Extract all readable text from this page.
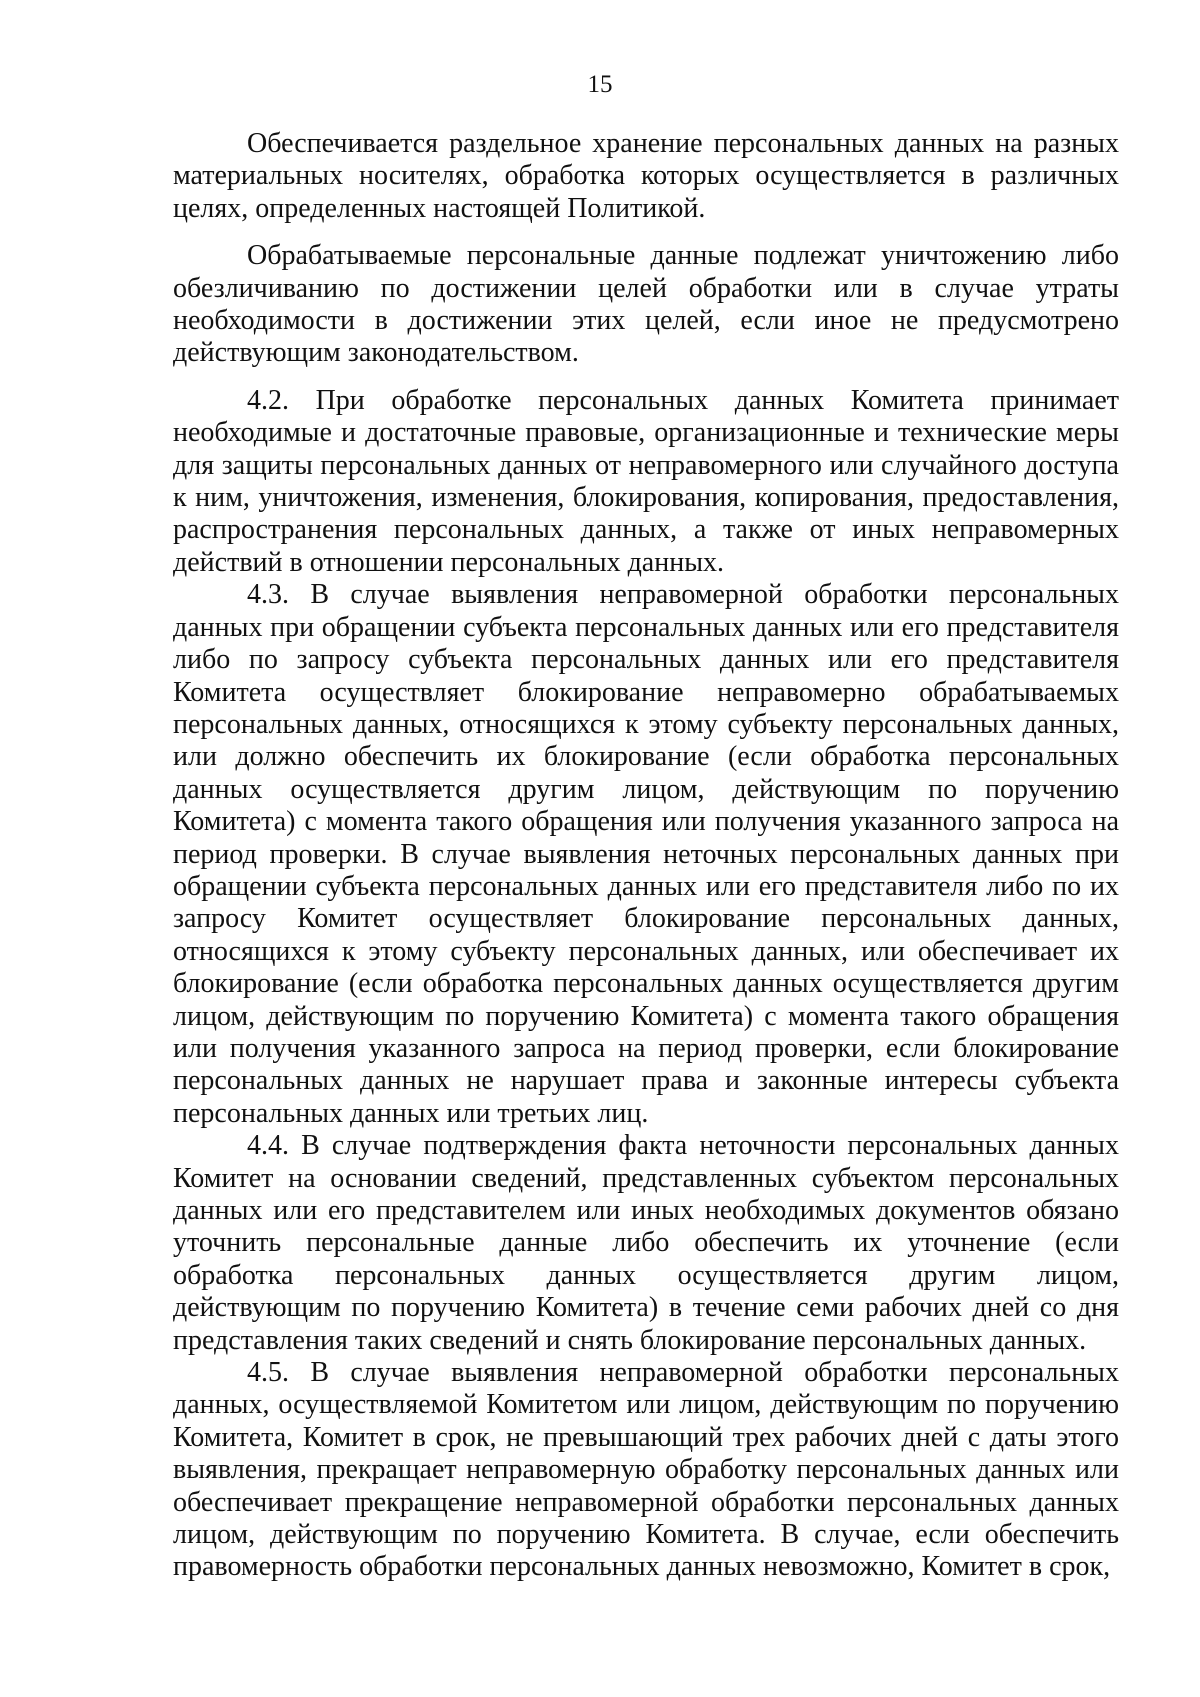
15

Обеспечивается раздельное хранение персональных данных на разных материальных носителях, обработка которых осуществляется в различных целях, определенных настоящей Политикой.

Обрабатываемые персональные данные подлежат уничтожению либо обезличиванию по достижении целей обработки или в случае утраты необходимости в достижении этих целей, если иное не предусмотрено действующим законодательством.

4.2. При обработке персональных данных Комитета принимает необходимые и достаточные правовые, организационные и технические меры для защиты персональных данных от неправомерного или случайного доступа к ним, уничтожения, изменения, блокирования, копирования, предоставления, распространения персональных данных, а также от иных неправомерных действий в отношении персональных данных.

4.3. В случае выявления неправомерной обработки персональных данных при обращении субъекта персональных данных или его представителя либо по запросу субъекта персональных данных или его представителя Комитета осуществляет блокирование неправомерно обрабатываемых персональных данных, относящихся к этому субъекту персональных данных, или должно обеспечить их блокирование (если обработка персональных данных осуществляется другим лицом, действующим по поручению Комитета) с момента такого обращения или получения указанного запроса на период проверки. В случае выявления неточных персональных данных при обращении субъекта персональных данных или его представителя либо по их запросу Комитет осуществляет блокирование персональных данных, относящихся к этому субъекту персональных данных, или обеспечивает их блокирование (если обработка персональных данных осуществляется другим лицом, действующим по поручению Комитета) с момента такого обращения или получения указанного запроса на период проверки, если блокирование персональных данных не нарушает права и законные интересы субъекта персональных данных или третьих лиц.

4.4. В случае подтверждения факта неточности персональных данных Комитет на основании сведений, представленных субъектом персональных данных или его представителем или иных необходимых документов обязано уточнить персональные данные либо обеспечить их уточнение (если обработка персональных данных осуществляется другим лицом, действующим по поручению Комитета) в течение семи рабочих дней со дня представления таких сведений и снять блокирование персональных данных.

4.5. В случае выявления неправомерной обработки персональных данных, осуществляемой Комитетом или лицом, действующим по поручению Комитета, Комитет в срок, не превышающий трех рабочих дней с даты этого выявления, прекращает неправомерную обработку персональных данных или обеспечивает прекращение неправомерной обработки персональных данных лицом, действующим по поручению Комитета. В случае, если обеспечить правомерность обработки персональных данных невозможно, Комитет в срок,
